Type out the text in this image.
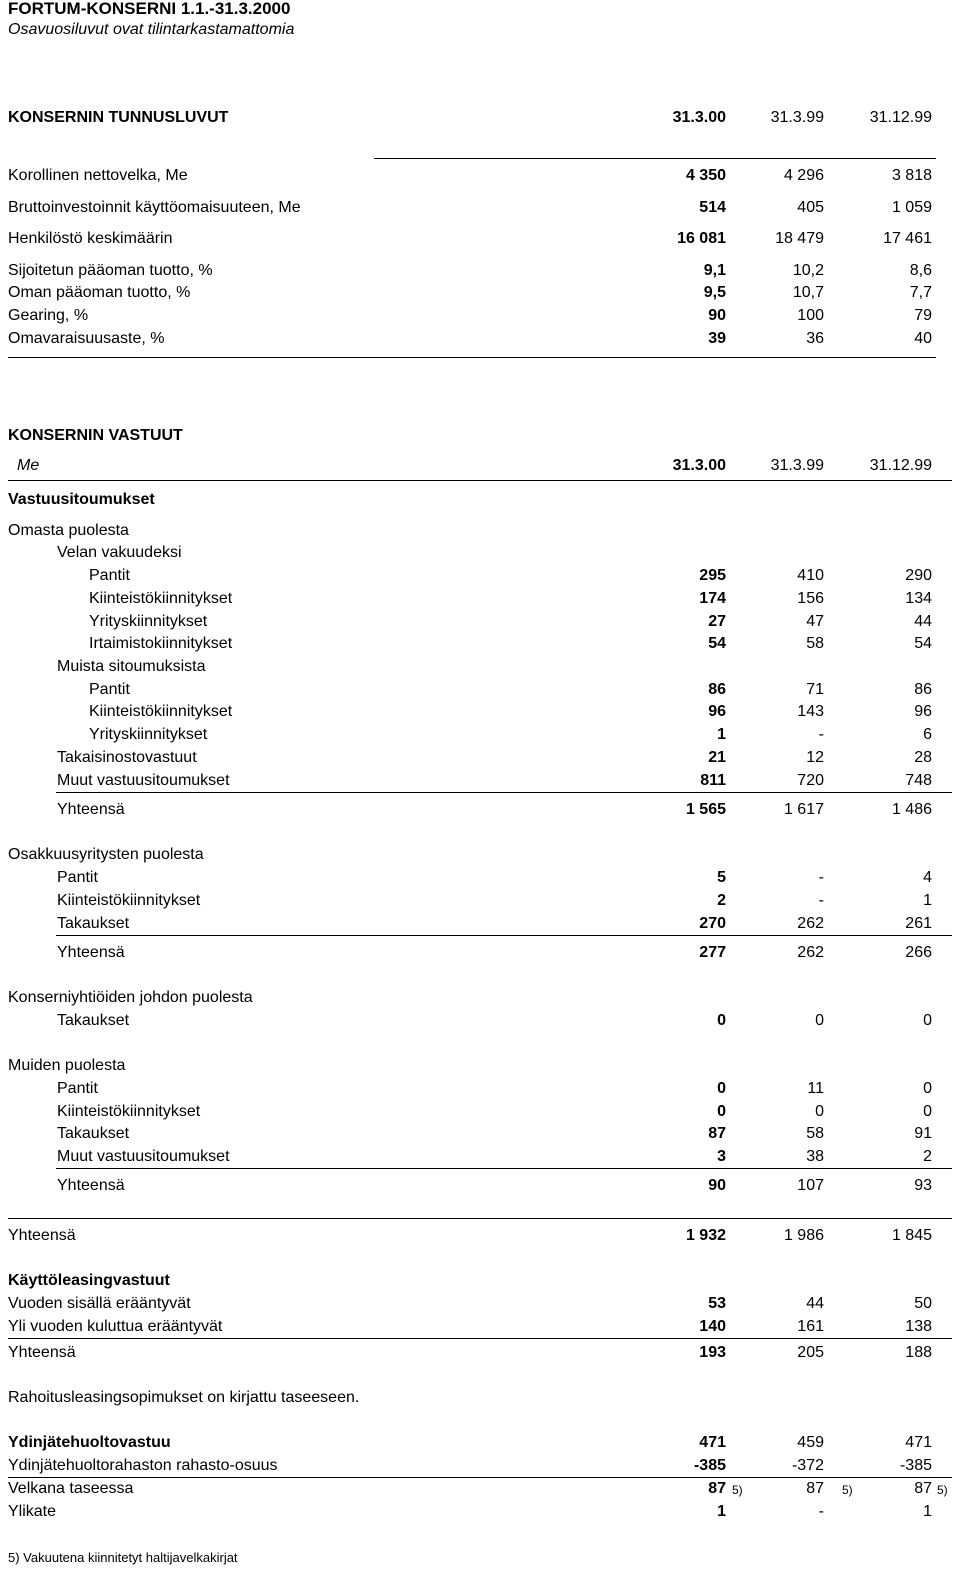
FORTUM-KONSERNI 1.1.-31.3.2000
Osavuosiluvut ovat tilintarkastamattomia
KONSERNIN TUNNUSLUVUT	31.3.00	31.3.99	31.12.99
Korollinen nettovelka, Me	4 350	4 296	3 818
Bruttoinvestoinnit käyttöomaisuuteen, Me	514	405	1 059
Henkilöstö keskimäärin	16 081	18 479	17 461
Sijoitetun pääoman tuotto, %	9,1	10,2	8,6
Oman pääoman tuotto, %	9,5	10,7	7,7
Gearing, %	90	100	79
Omavaraisuusaste, %	39	36	40
KONSERNIN VASTUUT
Me	31.3.00	31.3.99	31.12.99
Vastuusitoumukset
Omasta puolesta
Velan vakuudeksi
Pantit	295	410	290
Kiinteistökiinnitykset	174	156	134
Yrityskiinnitykset	27	47	44
Irtaimistokiinnitykset	54	58	54
Muista sitoumuksista
Pantit	86	71	86
Kiinteistökiinnitykset	96	143	96
Yrityskiinnitykset	1	-	6
Takaisinostovastuut	21	12	28
Muut vastuusitoumukset	811	720	748
Yhteensä	1 565	1 617	1 486
Osakkuusyritysten puolesta
Pantit	5	-	4
Kiinteistökiinnitykset	2	-	1
Takaukset	270	262	261
Yhteensä	277	262	266
Konserniyhtiöiden johdon puolesta
Takaukset	0	0	0
Muiden puolesta
Pantit	0	11	0
Kiinteistökiinnitykset	0	0	0
Takaukset	87	58	91
Muut vastuusitoumukset	3	38	2
Yhteensä	90	107	93
Yhteensä	1 932	1 986	1 845
Käyttöleasingvastuut
Vuoden sisällä erääntyvät	53	44	50
Yli vuoden kuluttua erääntyvät	140	161	138
Yhteensä	193	205	188
Rahoitusleasingsopimukset on kirjattu taseeseen.
Ydinjätehuoltovastuu	471	459	471
Ydinjätehuoltorahaston rahasto-osuus	-385	-372	-385
Velkana taseessa	87 5)	87 5)	87 5)
Ylikate	1	-	1
5) Vakuutena kiinnitetyt haltijavelkakirjat
